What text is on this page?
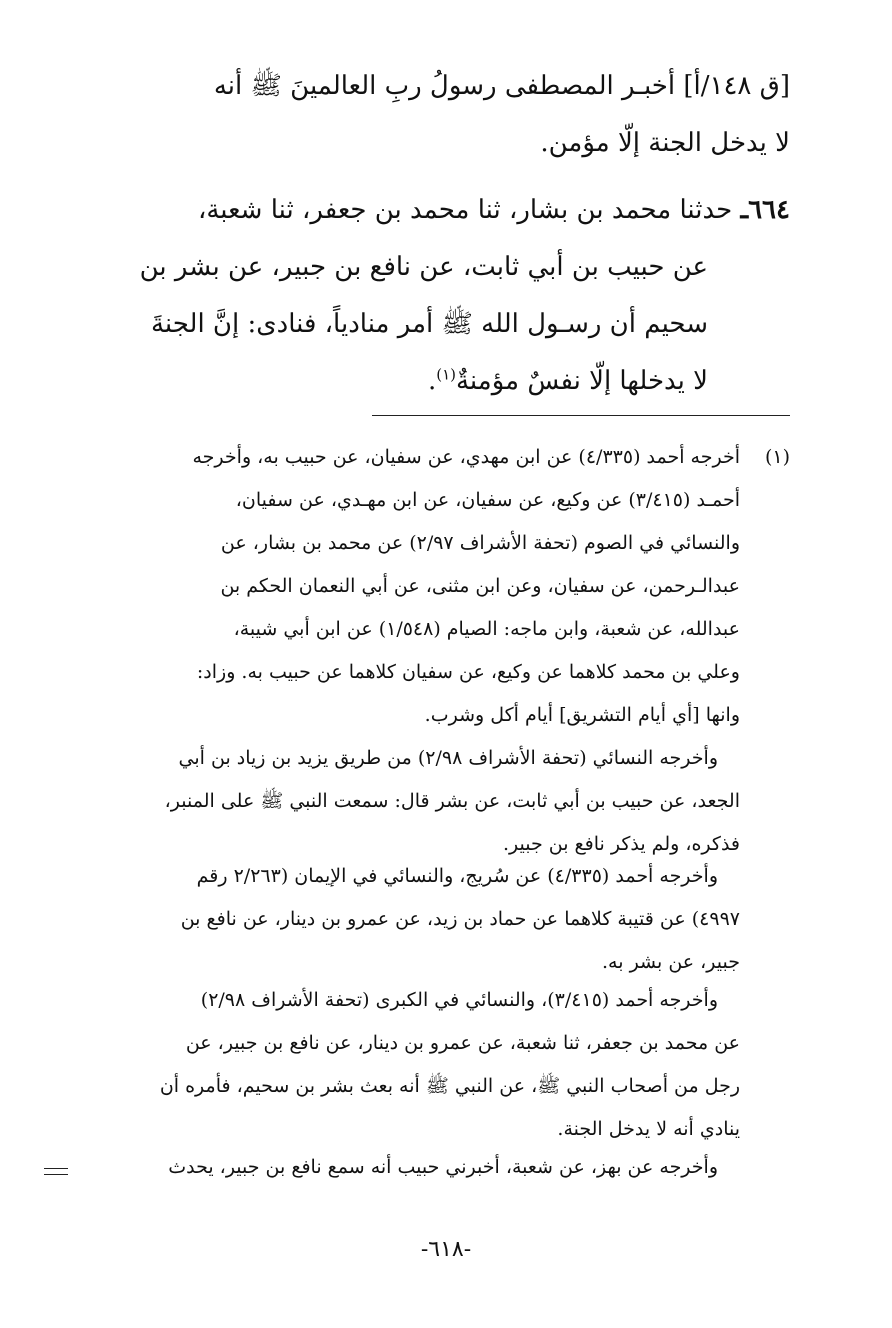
[ق ١٤٨/أ] أخبـر المصطفى رسولُ ربِ العالمينَ ﷺ أنه
لا يدخل الجنة إلّا مؤمن.
٦٦٤ـ حدثنا محمد بن بشار، ثنا محمد بن جعفر، ثنا شعبة،
عن حبيب بن أبي ثابت، عن نافع بن جبير، عن بشر بن
سحيم أن رسـول الله ﷺ أمر منادياً، فنادى: إنَّ الجنةَ
لا يدخلها إلّا نفسٌ مؤمنةٌ$^{(١)}$.
(١)
أخرجه أحمد (٤/٣٣٥) عن ابن مهدي، عن سفيان، عن حبيب به، وأخرجه
أحمـد (٣/٤١٥) عن وكيع، عن سفيان، عن ابن مهـدي، عن سفيان،
والنسائي في الصوم (تحفة الأشراف ٢/٩٧) عن محمد بن بشار، عن
عبدالـرحمن، عن سفيان، وعن ابن مثنى، عن أبي النعمان الحكم بن
عبدالله، عن شعبة، وابن ماجه: الصيام (١/٥٤٨) عن ابن أبي شيبة،
وعلي بن محمد كلاهما عن وكيع، عن سفيان كلاهما عن حبيب به. وزاد:
وانها [أي أيام التشريق] أيام أكل وشرب.
وأخرجه النسائي (تحفة الأشراف ٢/٩٨) من طريق يزيد بن زياد بن أبي
الجعد، عن حبيب بن أبي ثابت، عن بشر قال: سمعت النبي ﷺ على المنبر،
فذكره، ولم يذكر نافع بن جبير.
وأخرجه أحمد (٤/٣٣٥) عن سُريج، والنسائي في الإيمان (٢/٢٦٣ رقم
٤٩٩٧) عن قتيبة كلاهما عن حماد بن زيد، عن عمرو بن دينار، عن نافع بن
جبير، عن بشر به.
وأخرجه أحمد (٣/٤١٥)، والنسائي في الكبرى (تحفة الأشراف ٢/٩٨)
عن محمد بن جعفر، ثنا شعبة، عن عمرو بن دينار، عن نافع بن جبير، عن
رجل من أصحاب النبي ﷺ، عن النبي ﷺ أنه بعث بشر بن سحيم، فأمره أن
ينادي أنه لا يدخل الجنة.
وأخرجه عن بهز، عن شعبة، أخبرني حبيب أنه سمع نافع بن جبير، يحدث
-٦١٨-
